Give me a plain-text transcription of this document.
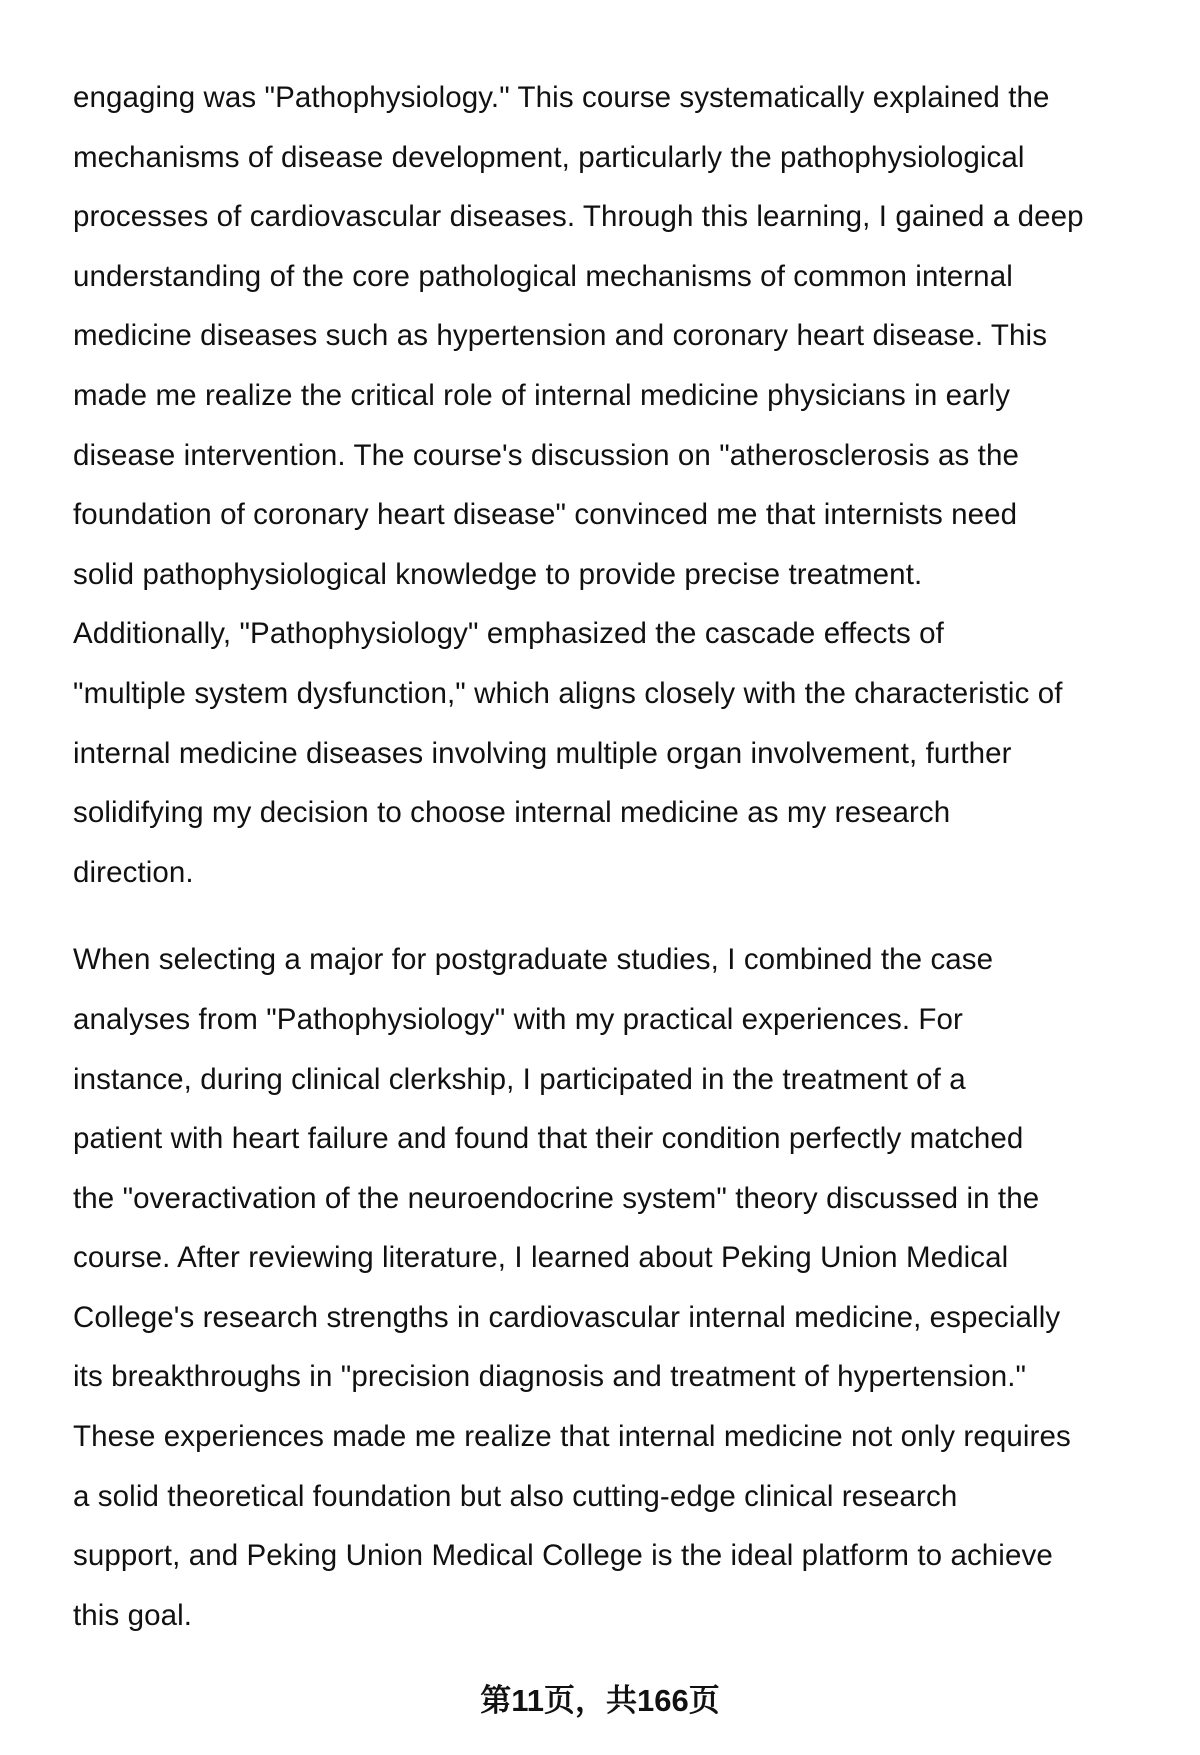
engaging was "Pathophysiology." This course systematically explained the
mechanisms of disease development, particularly the pathophysiological
processes of cardiovascular diseases. Through this learning, I gained a deep
understanding of the core pathological mechanisms of common internal
medicine diseases such as hypertension and coronary heart disease. This
made me realize the critical role of internal medicine physicians in early
disease intervention. The course's discussion on "atherosclerosis as the
foundation of coronary heart disease" convinced me that internists need
solid pathophysiological knowledge to provide precise treatment.
Additionally, "Pathophysiology" emphasized the cascade effects of
"multiple system dysfunction," which aligns closely with the characteristic of
internal medicine diseases involving multiple organ involvement, further
solidifying my decision to choose internal medicine as my research
direction.
When selecting a major for postgraduate studies, I combined the case
analyses from "Pathophysiology" with my practical experiences. For
instance, during clinical clerkship, I participated in the treatment of a
patient with heart failure and found that their condition perfectly matched
the "overactivation of the neuroendocrine system" theory discussed in the
course. After reviewing literature, I learned about Peking Union Medical
College's research strengths in cardiovascular internal medicine, especially
its breakthroughs in "precision diagnosis and treatment of hypertension."
These experiences made me realize that internal medicine not only requires
a solid theoretical foundation but also cutting-edge clinical research
support, and Peking Union Medical College is the ideal platform to achieve
this goal.
第11页，共166页
